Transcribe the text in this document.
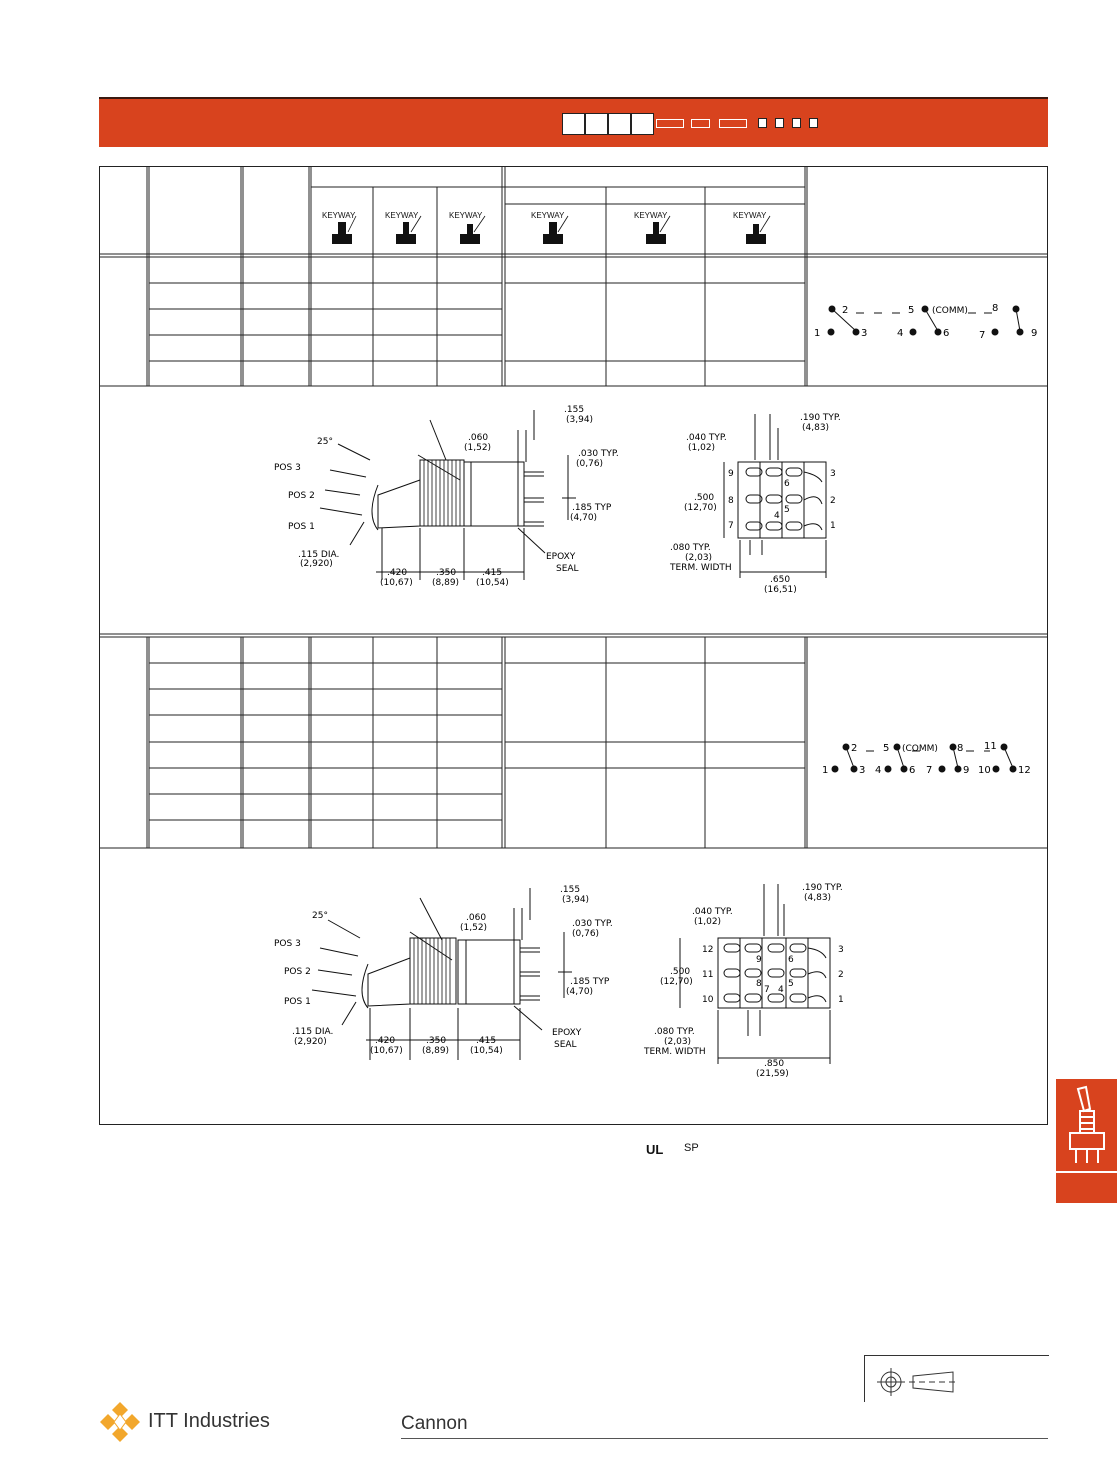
KEYWAY	KEYWAY	KEYWAY	KEYWAY	KEYWAY	KEYWAY
2	5 (COMM) 8
1	3	4	6	7	9
2	5 (COMM) 8 11
1	3 4	6 7	9 10	12
25°
POS 3
POS 2
POS 1
.115 DIA.
(2,920)
.155
(3,94)
.060
(1,52)
.030 TYP.
(0,76)
.185 TYP
(4,70)
.420
(10,67)
.350
(8,89)
.415
(10,54)
EPOXY
SEAL
.190 TYP.
(4,83)
.040 TYP.
(1,02)
.500
(12,70)
.080 TYP.
(2,03)
TERM. WIDTH
.650
(16,51)
9
8
7
6
5
4
3
2
1
25°
POS 3
POS 2
POS 1
.115 DIA.
(2,920)
.155
(3,94)
.060
(1,52)	.030 TYP.
(0,76)
.185 TYP
(4,70)
.420
(10,67)
.350
(8,89)
.415
(10,54)
EPOXY
SEAL
.190 TYP.
(4,83)
.040 TYP.
(1,02)
.500
(12,70)
.080 TYP.
(2,03)
TERM. WIDTH
.850
(21,59)
12
11
10
9
8
7
6
5
4
3
2
1
UL SP
ITT Industries	Cannon
